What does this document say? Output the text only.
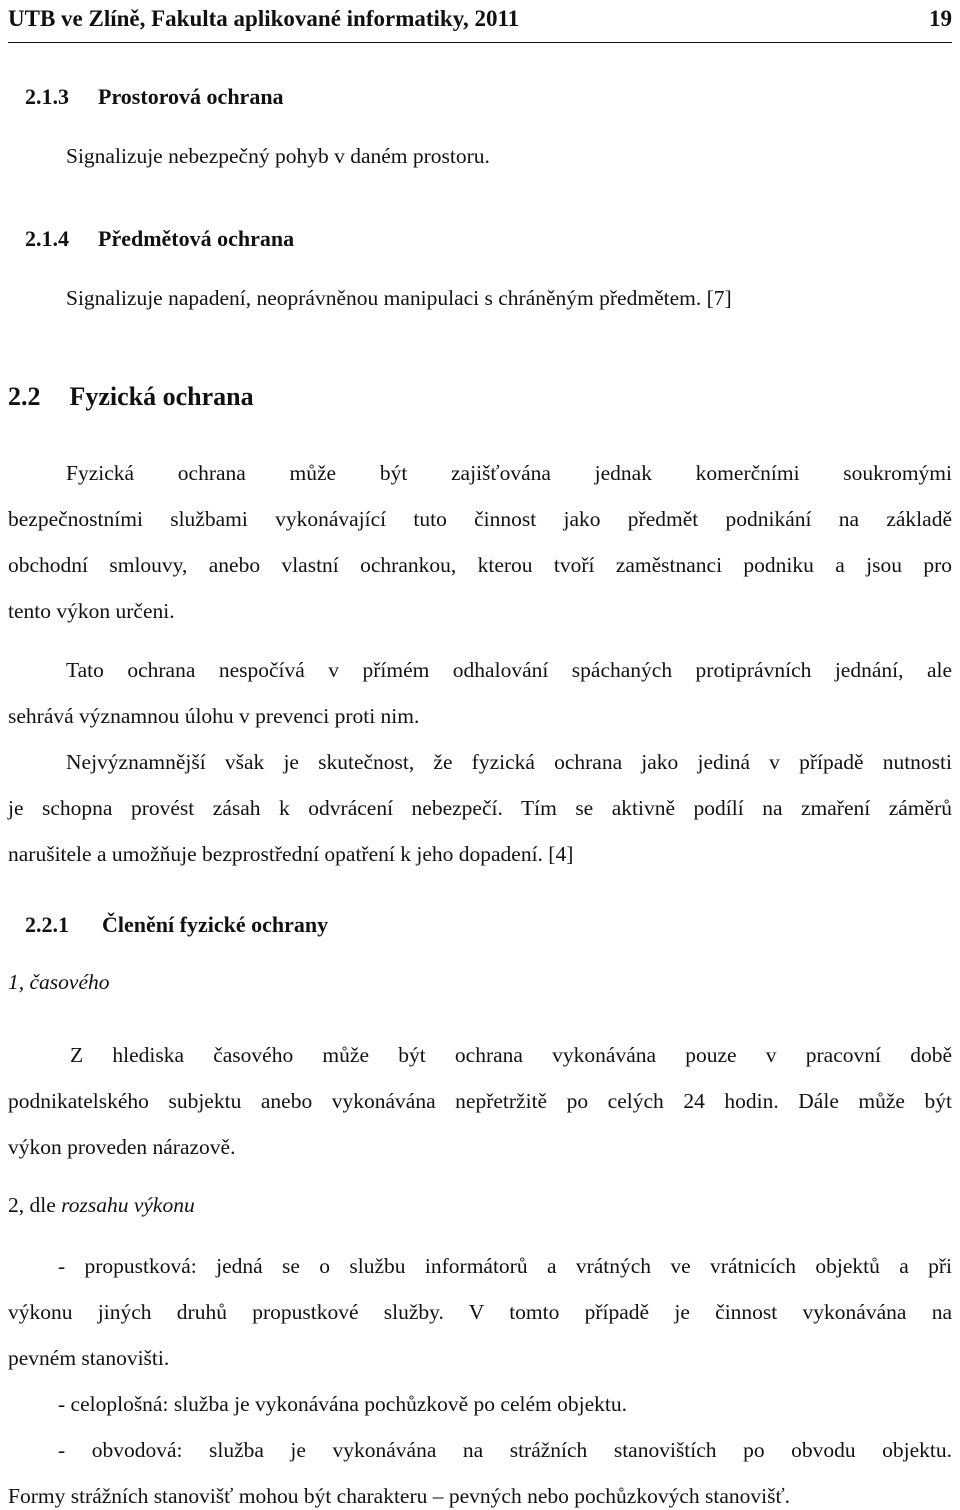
UTB ve Zlíně, Fakulta aplikované informatiky, 2011	19
2.1.3 Prostorová ochrana
Signalizuje nebezpečný pohyb v daném prostoru.
2.1.4 Předmětová ochrana
Signalizuje napadení, neoprávněnou manipulaci s chráněným předmětem. [7]
2.2 Fyzická ochrana
Fyzická ochrana může být zajišťována jednak komerčními soukromými
bezpečnostními službami vykonávající tuto činnost jako předmět podnikání na základě
obchodní smlouvy, anebo vlastní ochrankou, kterou tvoří zaměstnanci podniku a jsou pro
tento výkon určeni.
Tato ochrana nespočívá v přímém odhalování spáchaných protiprávních jednání, ale
sehrává významnou úlohu v prevenci proti nim.
Nejvýznamnější však je skutečnost, že fyzická ochrana jako jediná v případě nutnosti
je schopna provést zásah k odvrácení nebezpečí. Tím se aktivně podílí na zmaření záměrů
narušitele a umožňuje bezprostřední opatření k jeho dopadení. [4]
2.2.1 Členění fyzické ochrany
1, časového
Z hlediska časového může být ochrana vykonávána pouze v pracovní době
podnikatelského subjektu anebo vykonávána nepřetržitě po celých 24 hodin. Dále může být
výkon proveden nárazově.
2, dle rozsahu výkonu
- propustková: jedná se o službu informátorů a vrátných ve vrátnicích objektů a při
výkonu jiných druhů propustkové služby. V tomto případě je činnost vykonávána na
pevném stanovišti.
- celoplošná: služba je vykonávána pochůzkově po celém objektu.
- obvodová: služba je vykonávána na strážních stanovištích po obvodu objektu.
Formy strážních stanovišť mohou být charakteru – pevných nebo pochůzkových stanovišť.
